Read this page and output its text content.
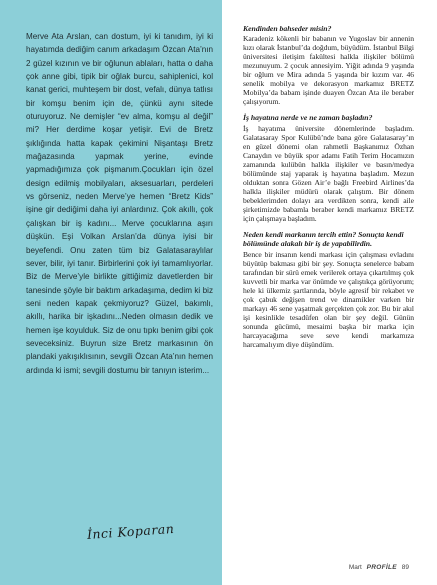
Merve Ata Arslan, can dostum, iyi ki tanıdım, iyi ki hayatımda dediğim canım arkadaşım Özcan Ata’nın 2 güzel kızının ve bir oğlunun ablaları, hatta o daha çok anne gibi, tipik bir oğlak burcu, sahiplenici, kol kanat gerici, muhteşem bir dost, vefalı, dünya tatlısı bir komşu benim için de, çünkü aynı sitede oturuyoruz. Ne demişler “ev alma, komşu al değil” mi? Her derdime koşar yetişir. Evi de Bretz şıklığında hatta kapak çekimini Nişantaşı Bretz mağazasında yapmak yerine, evinde yapmadığımıza çok pişmanım.Çocukları için özel design edilmiş mobilyaları, aksesuarları, perdeleri vs görseniz, neden Merve’ye hemen “Bretz Kids” işine gir dediğimi daha iyi anlardınız. Çok akıllı, çok çalışkan bir iş kadını... Merve çocuklarına aşırı düşkün. Eşi Volkan Arslan’da dünya iyisi bir beyefendi. Onu zaten tüm biz Galatasaraylılar sever, bilir, iyi tanır. Birbirlerini çok iyi tamamlıyorlar. Biz de Merve’yle birlikte gittiğimiz davetlerden bir tanesinde şöyle bir baktım arkadaşıma, dedim ki biz seni neden kapak çekmiyoruz? Güzel, bakımlı, akıllı, harika bir işkadını...Neden olmasın dedik ve hemen işe koyulduk. Siz de onu tıpkı benim gibi çok seveceksiniz. Buyrun size Bretz markasının ön plandaki yakışıklısının, sevgili Özcan Ata’nın hemen ardında ki ismi; sevgili dostumu bir tanıyın isterim...
İnci Koparan
Kendinden bahseder misin?
Karadeniz kökenli bir babanın ve Yugoslav bir annenin kızı olarak İstanbul’da doğdum, büyüdüm. İstanbul Bilgi üniversitesi iletişim fakültesi halkla ilişkiler bölümü mezunuyum. 2 çocuk annesiyim. Yiğit adında 9 yaşında bir oğlum ve Mira adında 5 yaşında bir kızım var. 46 senelik mobilya ve dekorasyon markamız BRETZ Mobilya’da babam işinde duayen Özcan Ata ile beraber çalışıyorum.
İş hayatına nerde ve ne zaman başladın?
İş hayatıma üniversite dönemlerinde başladım. Galatasaray Spor Kulübü’nde bana göre Galatasaray’ın en güzel dönemi olan rahmetli Başkanımız Özhan Canaydın ve büyük spor adamı Fatih Terim Hocamızın zamanında kulübün halkla ilişkiler ve basın/medya bölümünde staj yaparak iş hayatına başladım. Mezun olduktan sonra Gözen Air’e bağlı Freebird Airlines’da halkla ilişkiler müdürü olarak çalıştım. Bir dönem bebeklerimden dolayı ara verdikten sonra, kendi aile şirketimizde babamla beraber kendi markamız BRETZ için çalışmaya başladım.
Neden kendi markanın tercih ettin? Sonuçta kendi bölümünde alakalı bir iş de yapabilirdin.
Bence bir insanın kendi markası için çalışması evladını büyütüp bakması gibi bir şey. Sonuçta senelerce babam tarafından bir sürü emek verilerek ortaya çıkartılmış çok kuvvetli bir marka var önümde ve çalıştıkça görüyorum; hele ki ülkemiz şartlarında, böyle agresif bir rekabet ve çok çabuk değişen trend ve dinamikler varken bir markayı 46 sene yaşatmak gerçekten çok zor. Bu bir akıl işi kesinlikle tesadüfen olan bir şey değil. Günün sonunda gücümü, mesaimi başka bir marka için harcayacağıma seve seve kendi markamıza harcamalıyım diye düşündüm.
Mart PROFİLE 89
